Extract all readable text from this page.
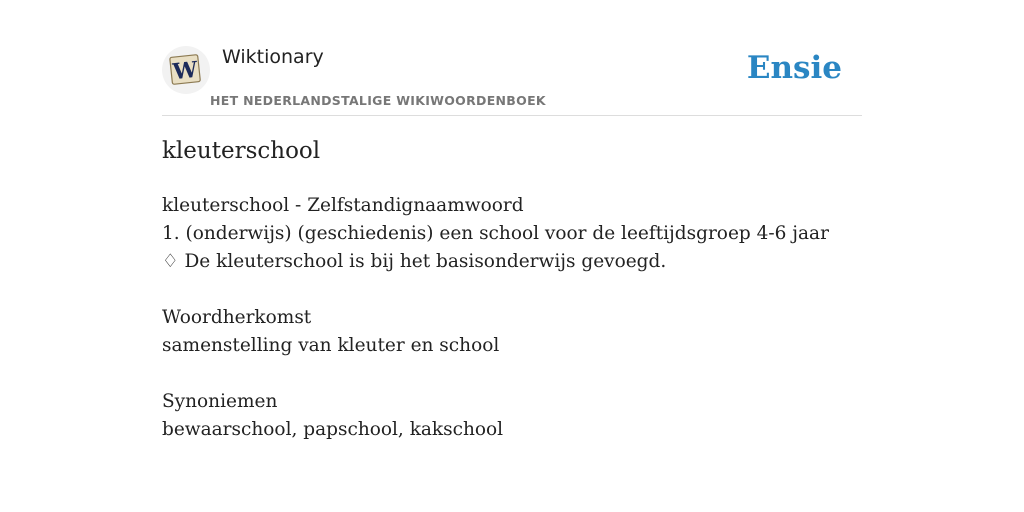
W Wiktionary
HET NEDERLANDSTALIGE WIKIWOORDENBOEK
Ensie
kleuterschool
kleuterschool - Zelfstandignaamwoord
1. (onderwijs) (geschiedenis) een school voor de leeftijdsgroep 4-6 jaar
♢ De kleuterschool is bij het basisonderwijs gevoegd.
Woordherkomst
samenstelling van kleuter en school
Synoniemen
bewaarschool, papschool, kakschool
